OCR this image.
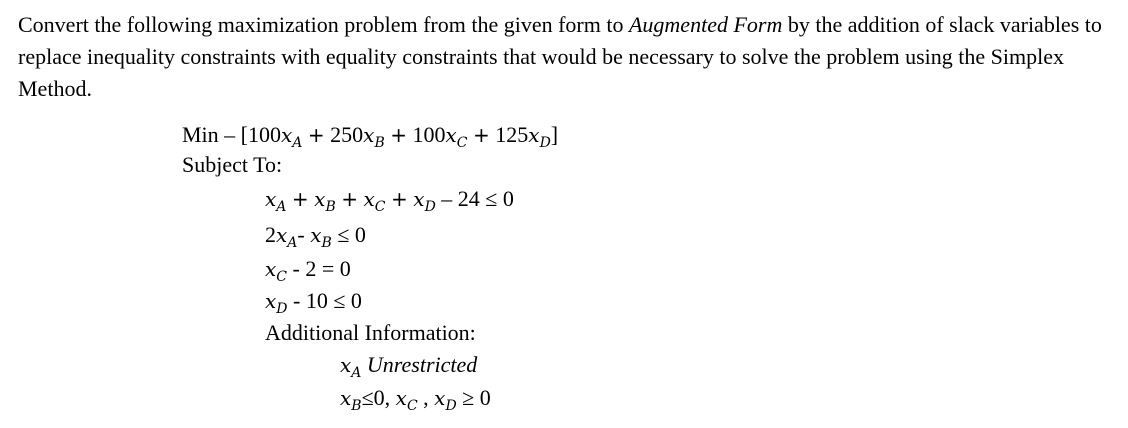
Convert the following maximization problem from the given form to Augmented Form by the addition of slack variables to replace inequality constraints with equality constraints that would be necessary to solve the problem using the Simplex Method.

Min – $[100x_A + 250x_B + 100x_C + 125x_D]$
Subject To:
$x_A + x_B + x_C + x_D - 24 \le 0$
$2x_A-$ $x_B \le 0$
$x_C - 2 = 0$
$x_D - 10 \le 0$
Additional Information:
$x_A$ Unrestricted
$x_B\le 0$, $x_C$ , $x_D \ge 0$
